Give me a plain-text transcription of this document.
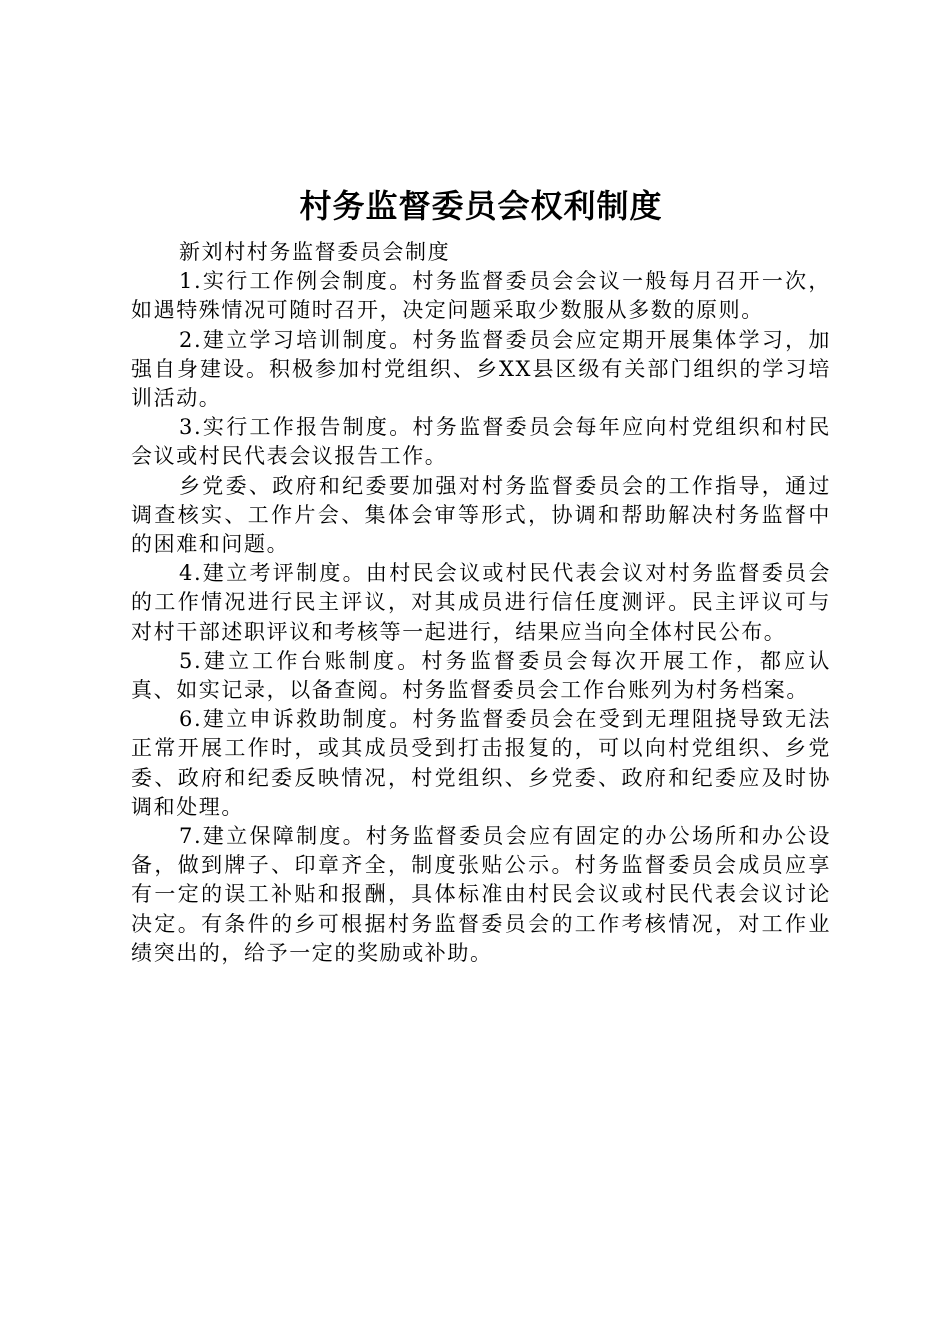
村务监督委员会权利制度

新刘村村务监督委员会制度

1.实行工作例会制度。村务监督委员会会议一般每月召开一次，如遇特殊情况可随时召开，决定问题采取少数服从多数的原则。

2.建立学习培训制度。村务监督委员会应定期开展集体学习，加强自身建设。积极参加村党组织、乡XX县区级有关部门组织的学习培训活动。

3.实行工作报告制度。村务监督委员会每年应向村党组织和村民会议或村民代表会议报告工作。

乡党委、政府和纪委要加强对村务监督委员会的工作指导，通过调查核实、工作片会、集体会审等形式，协调和帮助解决村务监督中的困难和问题。

4.建立考评制度。由村民会议或村民代表会议对村务监督委员会的工作情况进行民主评议，对其成员进行信任度测评。民主评议可与对村干部述职评议和考核等一起进行，结果应当向全体村民公布。

5.建立工作台账制度。村务监督委员会每次开展工作，都应认真、如实记录，以备查阅。村务监督委员会工作台账列为村务档案。

6.建立申诉救助制度。村务监督委员会在受到无理阻挠导致无法正常开展工作时，或其成员受到打击报复的，可以向村党组织、乡党委、政府和纪委反映情况，村党组织、乡党委、政府和纪委应及时协调和处理。

7.建立保障制度。村务监督委员会应有固定的办公场所和办公设备，做到牌子、印章齐全，制度张贴公示。村务监督委员会成员应享有一定的误工补贴和报酬，具体标准由村民会议或村民代表会议讨论决定。有条件的乡可根据村务监督委员会的工作考核情况，对工作业绩突出的，给予一定的奖励或补助。
